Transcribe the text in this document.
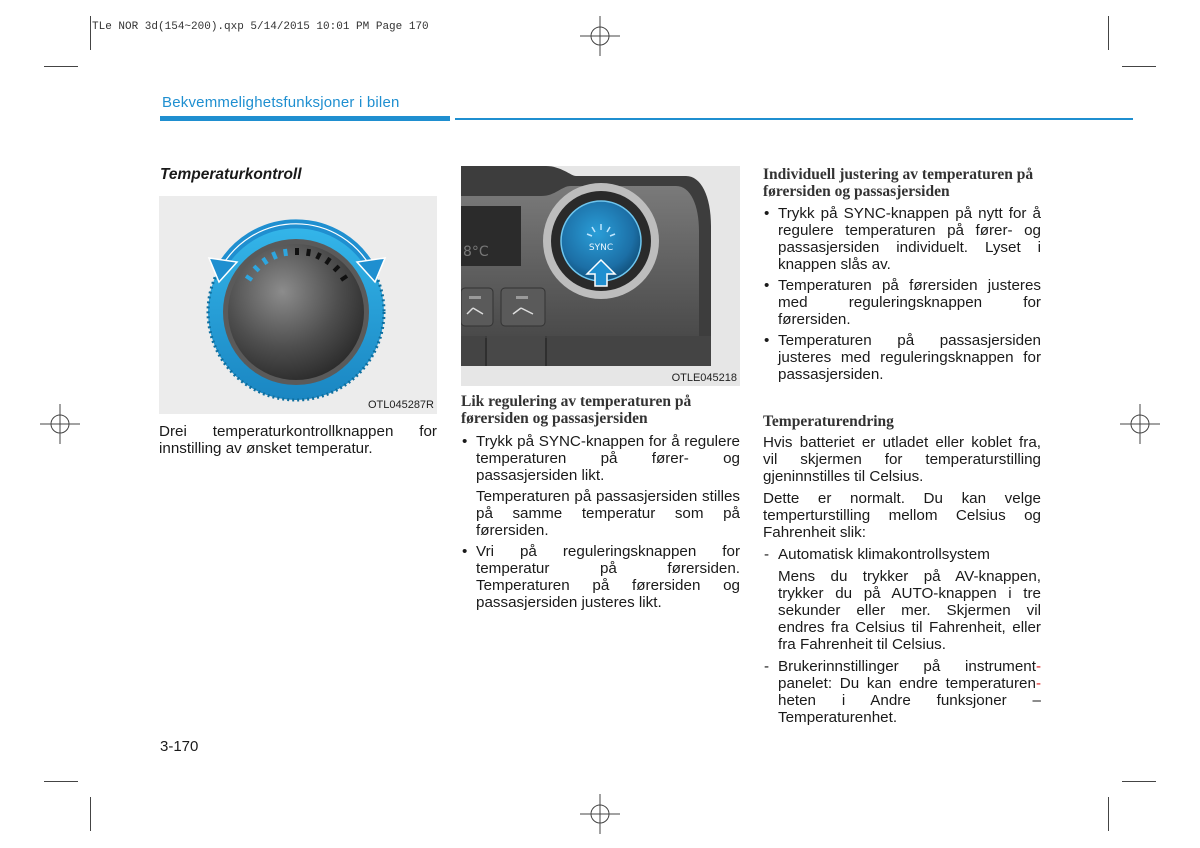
TLe NOR 3d(154~200).qxp 5/14/2015 10:01 PM Page 170
Bekvemmelighetsfunksjoner i bilen
Temperaturkontroll
OTL045287R
Drei temperaturkontrollknappen for innstilling av ønsket temperatur.
8°C	SYNC
OTLE045218
Lik regulering av temperaturen på førersiden og passasjersiden
• Trykk på SYNC-knappen for å regulere temperaturen på fører- og passasjersiden likt.

Temperaturen på passasjersiden stilles på samme temperatur som på førersiden.

• Vri på reguleringsknappen for temperatur på førersiden. Temperaturen på førersiden og passasjersiden justeres likt.
Individuell justering av temperaturen på førersiden og passasjersiden
• Trykk på SYNC-knappen på nytt for å regulere temperaturen på fører- og passasjersiden individuelt. Lyset i knappen slås av.
• Temperaturen på førersiden justeres med reguleringsknappen for førersiden.
• Temperaturen på passasjersiden justeres med reguleringsknappen for passasjersiden.
Temperaturendring

Hvis batteriet er utladet eller koblet fra, vil skjermen for temperaturstilling gjeninnstilles til Celsius.

Dette er normalt. Du kan velge temperturstilling mellom Celsius og Fahrenheit slik:

- Automatisk klimakontrollsystem

Mens du trykker på AV-knappen, trykker du på AUTO-knappen i tre sekunder eller mer. Skjermen vil endres fra Celsius til Fahrenheit, eller fra Fahrenheit til Celsius.

- Brukerinnstillinger på instrument- panelet: Du kan endre temperaturen- heten i Andre funksjoner – Temperaturenhet.
3-170
